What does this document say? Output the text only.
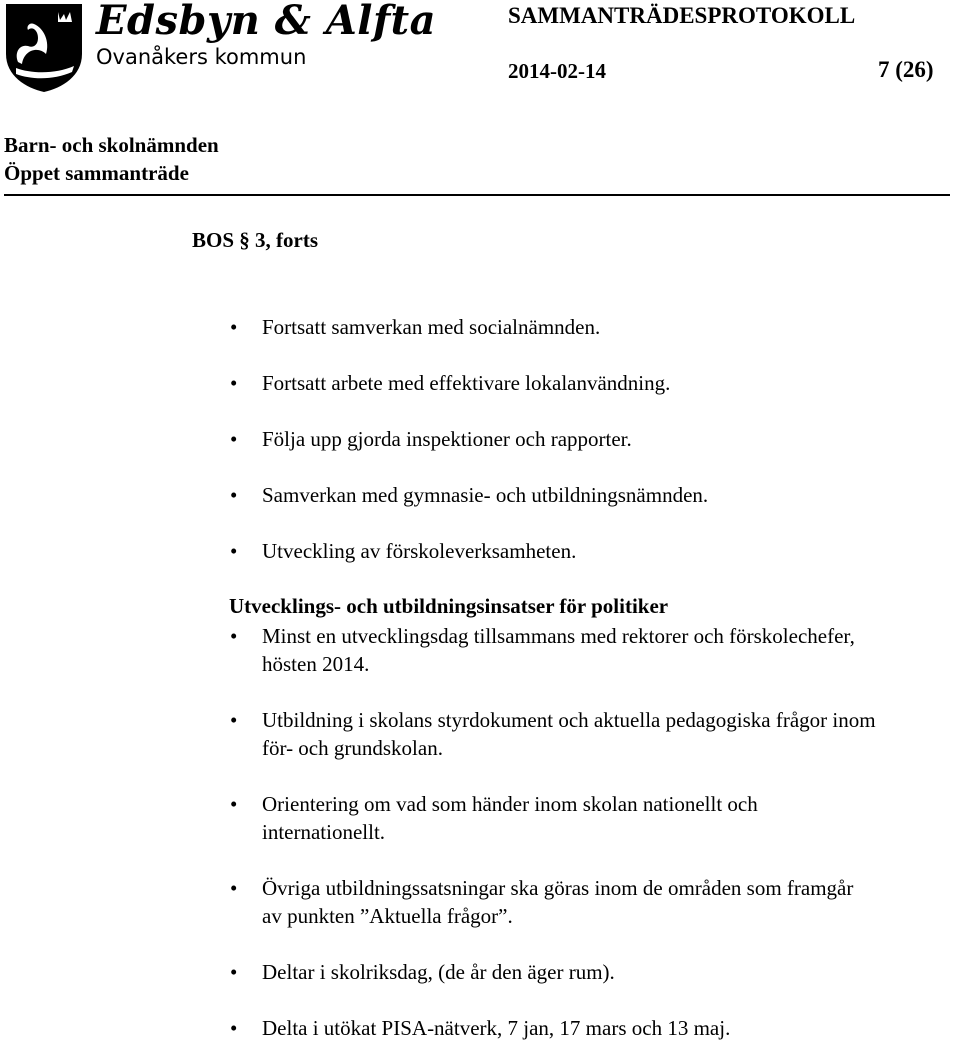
Edsbyn & Alfta
Ovanåkers kommun
SAMMANTRÄDESPROTOKOLL
2014-02-14	7 (26)
Barn- och skolnämnden
Öppet sammanträde
BOS § 3, forts
• Fortsatt samverkan med socialnämnden.
• Fortsatt arbete med effektivare lokalanvändning.
• Följa upp gjorda inspektioner och rapporter.
• Samverkan med gymnasie- och utbildningsnämnden.
• Utveckling av förskoleverksamheten.
Utvecklings- och utbildningsinsatser för politiker
• Minst en utvecklingsdag tillsammans med rektorer och förskolechefer,
hösten 2014.
• Utbildning i skolans styrdokument och aktuella pedagogiska frågor inom
för- och grundskolan.
• Orientering om vad som händer inom skolan nationellt och
internationellt.
• Övriga utbildningssatsningar ska göras inom de områden som framgår
av punkten ”Aktuella frågor”.
• Deltar i skolriksdag, (de år den äger rum).
• Delta i utökat PISA-nätverk, 7 jan, 17 mars och 13 maj.
